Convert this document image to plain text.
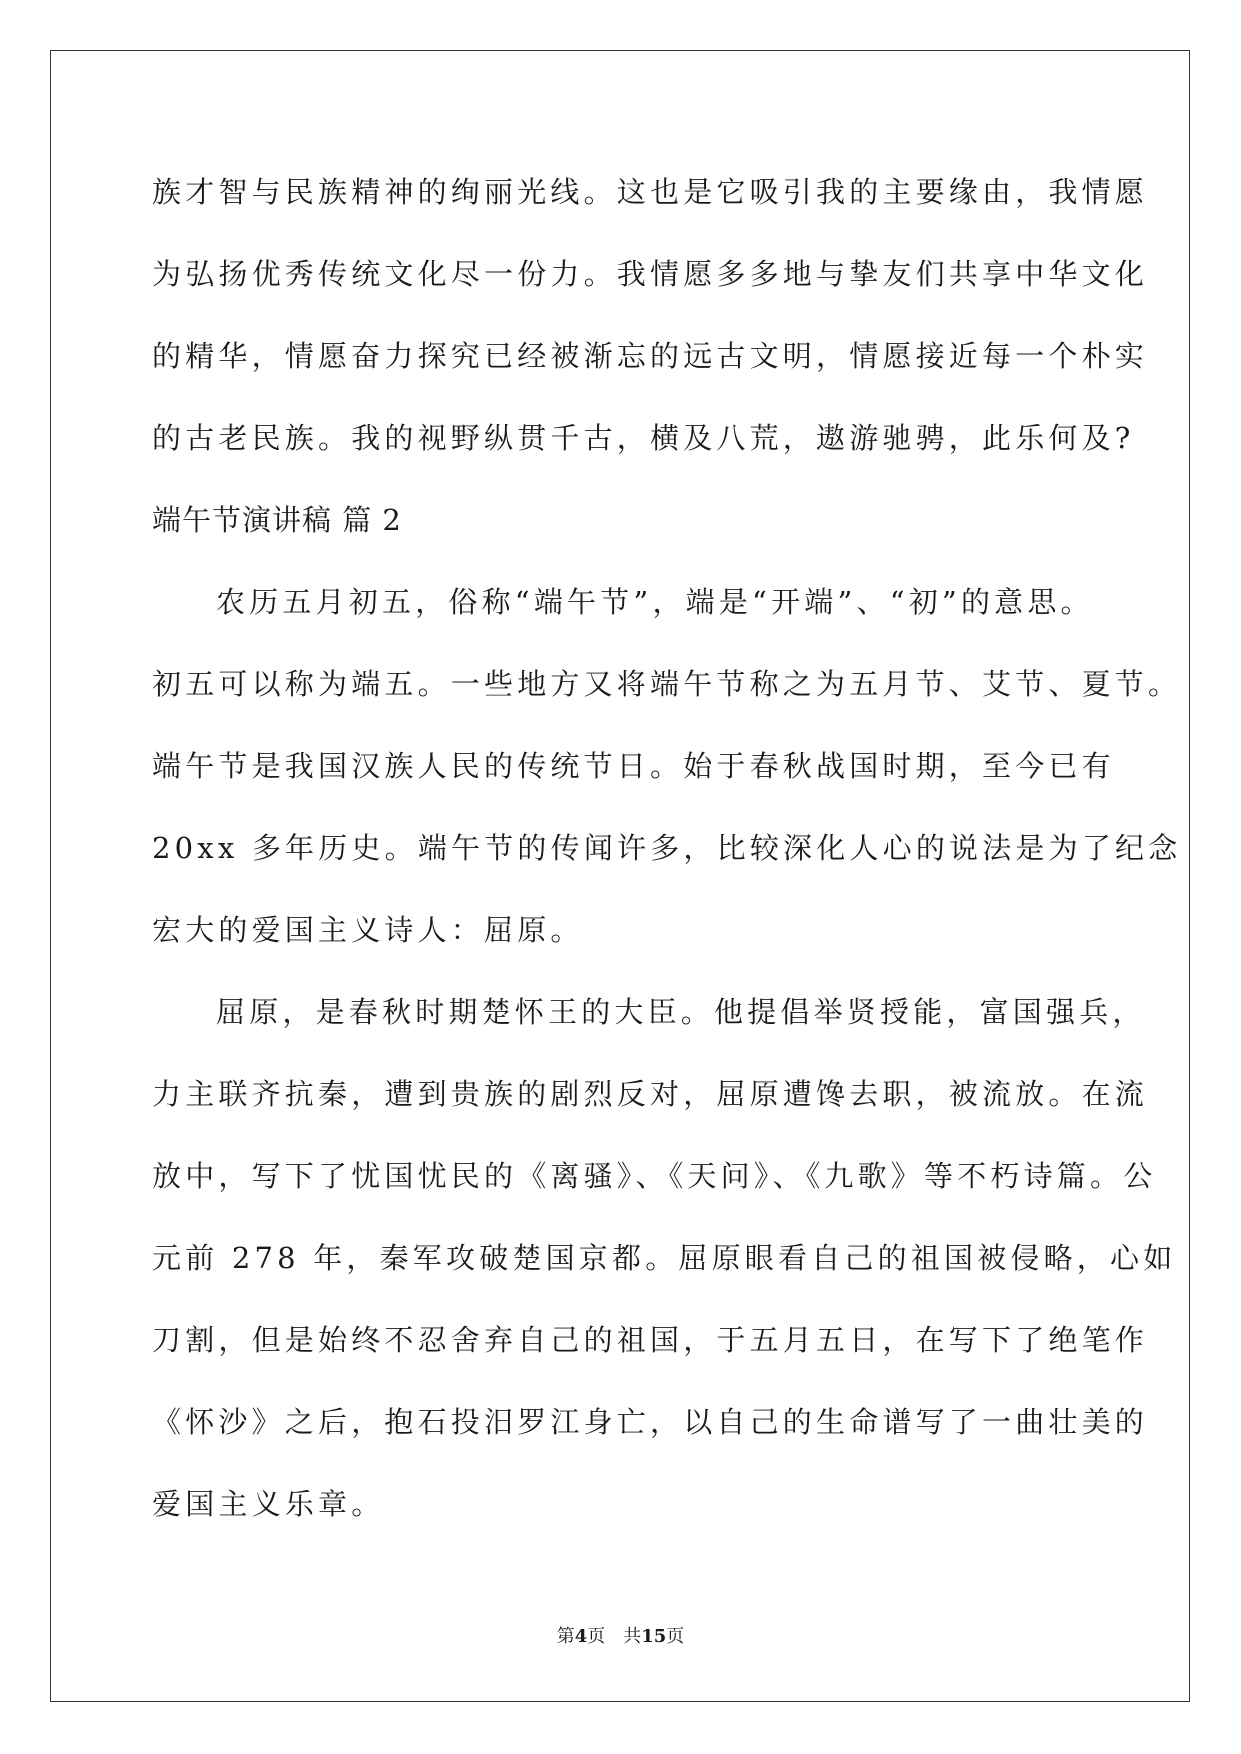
族才智与民族精神的绚丽光线。这也是它吸引我的主要缘由，我情愿
为弘扬优秀传统文化尽一份力。我情愿多多地与挚友们共享中华文化
的精华，情愿奋力探究已经被渐忘的远古文明，情愿接近每一个朴实
的古老民族。我的视野纵贯千古，横及八荒，遨游驰骋，此乐何及?
端午节演讲稿 篇 2
农历五月初五，俗称“端午节”，端是“开端”、“初”的意思。
初五可以称为端五。一些地方又将端午节称之为五月节、艾节、夏节。
端午节是我国汉族人民的传统节日。始于春秋战国时期，至今已有
20xx 多年历史。端午节的传闻许多，比较深化人心的说法是为了纪念
宏大的爱国主义诗人：屈原。
屈原，是春秋时期楚怀王的大臣。他提倡举贤授能，富国强兵，
力主联齐抗秦，遭到贵族的剧烈反对，屈原遭馋去职，被流放。在流
放中，写下了忧国忧民的《离骚》、《天问》、《九歌》等不朽诗篇。公
元前 278 年，秦军攻破楚国京都。屈原眼看自己的祖国被侵略，心如
刀割，但是始终不忍舍弃自己的祖国，于五月五日，在写下了绝笔作
《怀沙》之后，抱石投汨罗江身亡，以自己的生命谱写了一曲壮美的
爱国主义乐章。
第4页 共15页
